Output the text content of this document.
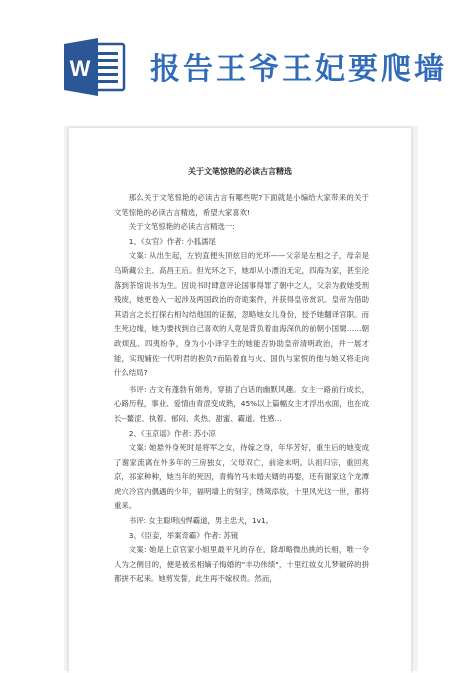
W 报告王爷王妃要爬墙
关于文笔惊艳的必读古言精选

那么关于文笔惊艳的必读古言有哪些呢?下面就是小编给大家带来的关于文笔惊艳的必读古言精选，希望大家喜欢!

关于文笔惊艳的必读古言精选一:

1、《女官》作者: 小狐濡尾

文案: 从出生起，左钧直便头顶炫目的光环——父亲是左相之子，母亲是乌斯藏公主、高昌王后。但光环之下，她却从小漂泊无定，四海为家，甚至沦落到茶馆说书为生。因说书时肆意评论国事得罪了朝中之人，父亲为救她受刑残废，她更卷入一起涉及两国政治的奇诡案件，并获得皇帝赏识。皇帝为借助其语言之长打探右相勾结他国的证据，忽略她女儿身份，授予她翻译官职。而生死边缘，她为要找到自己喜欢的人竟是背负着血海深仇的前朝小国舅……朝政烦乱、四夷纷争，身为小小译字生的她能否协助皇帝清明政治，并一展才能，实现辅佐一代明君的抱负?而陷着血与火、国仇与家恨的他与她又将走向什么结局?

书评: 古文有蓬勃有娟秀，穿插了白话的幽默风趣。女主一路前行成长，心路历程，事业、爱情由青涩变成熟，45%以上篇幅女主才浮出水面，也在成长--鳌涩、执着、郁闷、炙热、甜蜜、霸道、性感...

2、《玉京谣》作者: 苏小凉

文案: 她悬外身死时是将军之女，待嫁之身，年华芳好，重生后的她变成了谢家流离在外多年的三房独女，父母双亡，前途未明。认祖归宗，重回兆京，祁家种种，她当年的死因，青梅竹马未婚夫婿的再娶，还有谢家这个龙潭虎穴冷宫内偶遇的少年，福明墙上的刻字，绣鸳添妆，十里风光这一世，都将重来。

书评: 女主聪明凶悍霸道，男主忠犬，1v1。

3、《臣妾，举案奇霸》作者: 苏镜

文案: 她是上京官家小姐里最平凡的存在，除却略微出挑的长相，唯一令人为之侧目的，便是被丞相嫡子悔婚的"丰功伟绩"，十里红妆女儿梦破碎的拼都拼不起来。她剪发誓，此生再不嫁权贵。然而，
